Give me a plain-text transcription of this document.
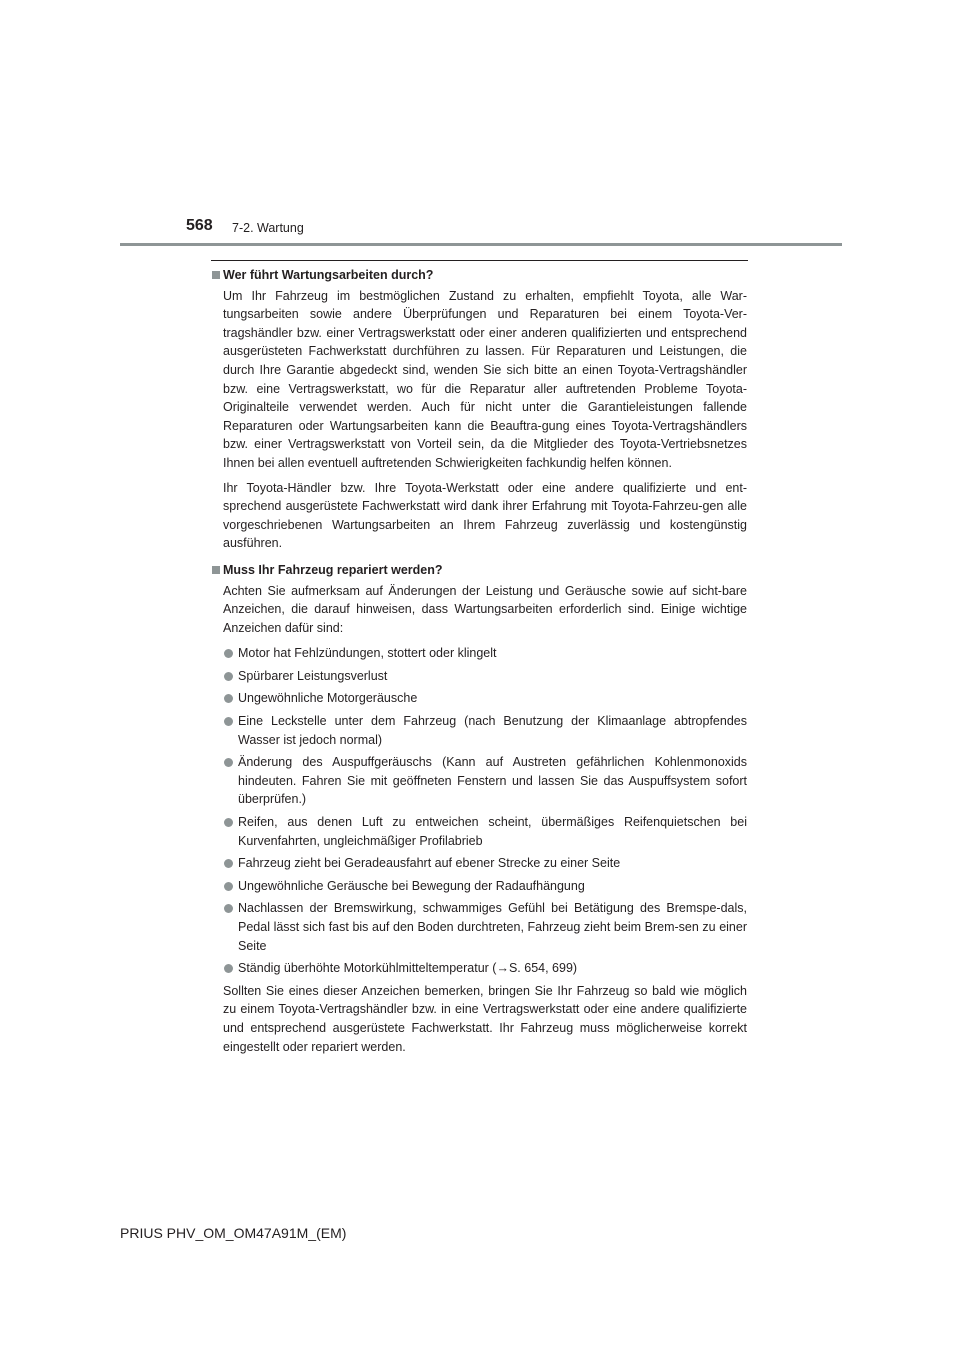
568 7-2. Wartung
Wer führt Wartungsarbeiten durch?

Um Ihr Fahrzeug im bestmöglichen Zustand zu erhalten, empfiehlt Toyota, alle War-tungsarbeiten sowie andere Überprüfungen und Reparaturen bei einem Toyota-Ver-tragshändler bzw. einer Vertragswerkstatt oder einer anderen qualifizierten und entsprechend ausgerüsteten Fachwerkstatt durchführen zu lassen. Für Reparaturen und Leistungen, die durch Ihre Garantie abgedeckt sind, wenden Sie sich bitte an einen Toyota-Vertragshändler bzw. eine Vertragswerkstatt, wo für die Reparatur aller auftretenden Probleme Toyota-Originalteile verwendet werden. Auch für nicht unter die Garantieleistungen fallende Reparaturen oder Wartungsarbeiten kann die Beauftra-gung eines Toyota-Vertragshändlers bzw. einer Vertragswerkstatt von Vorteil sein, da die Mitglieder des Toyota-Vertriebsnetzes Ihnen bei allen eventuell auftretenden Schwierigkeiten fachkundig helfen können.

Ihr Toyota-Händler bzw. Ihre Toyota-Werkstatt oder eine andere qualifizierte und ent-sprechend ausgerüstete Fachwerkstatt wird dank ihrer Erfahrung mit Toyota-Fahrzeu-gen alle vorgeschriebenen Wartungsarbeiten an Ihrem Fahrzeug zuverlässig und kostengünstig ausführen.

Muss Ihr Fahrzeug repariert werden?

Achten Sie aufmerksam auf Änderungen der Leistung und Geräusche sowie auf sicht-bare Anzeichen, die darauf hinweisen, dass Wartungsarbeiten erforderlich sind. Einige wichtige Anzeichen dafür sind:

Motor hat Fehlzündungen, stottert oder klingelt
Spürbarer Leistungsverlust
Ungewöhnliche Motorgeräusche
Eine Leckstelle unter dem Fahrzeug (nach Benutzung der Klimaanlage abtropfendes Wasser ist jedoch normal)
Änderung des Auspuffgeräuschs (Kann auf Austreten gefährlichen Kohlenmonoxids hindeuten. Fahren Sie mit geöffneten Fenstern und lassen Sie das Auspuffsystem sofort überprüfen.)
Reifen, aus denen Luft zu entweichen scheint, übermäßiges Reifenquietschen bei Kurvenfahrten, ungleichmäßiger Profilabrieb
Fahrzeug zieht bei Geradeausfahrt auf ebener Strecke zu einer Seite
Ungewöhnliche Geräusche bei Bewegung der Radaufhängung
Nachlassen der Bremswirkung, schwammiges Gefühl bei Betätigung des Bremspe-dals, Pedal lässt sich fast bis auf den Boden durchtreten, Fahrzeug zieht beim Brem-sen zu einer Seite
Ständig überhöhte Motorkühlmitteltemperatur (→S. 654, 699)

Sollten Sie eines dieser Anzeichen bemerken, bringen Sie Ihr Fahrzeug so bald wie möglich zu einem Toyota-Vertragshändler bzw. in eine Vertragswerkstatt oder eine andere qualifizierte und entsprechend ausgerüstete Fachwerkstatt. Ihr Fahrzeug muss möglicherweise korrekt eingestellt oder repariert werden.

PRIUS PHV_OM_OM47A91M_(EM)
